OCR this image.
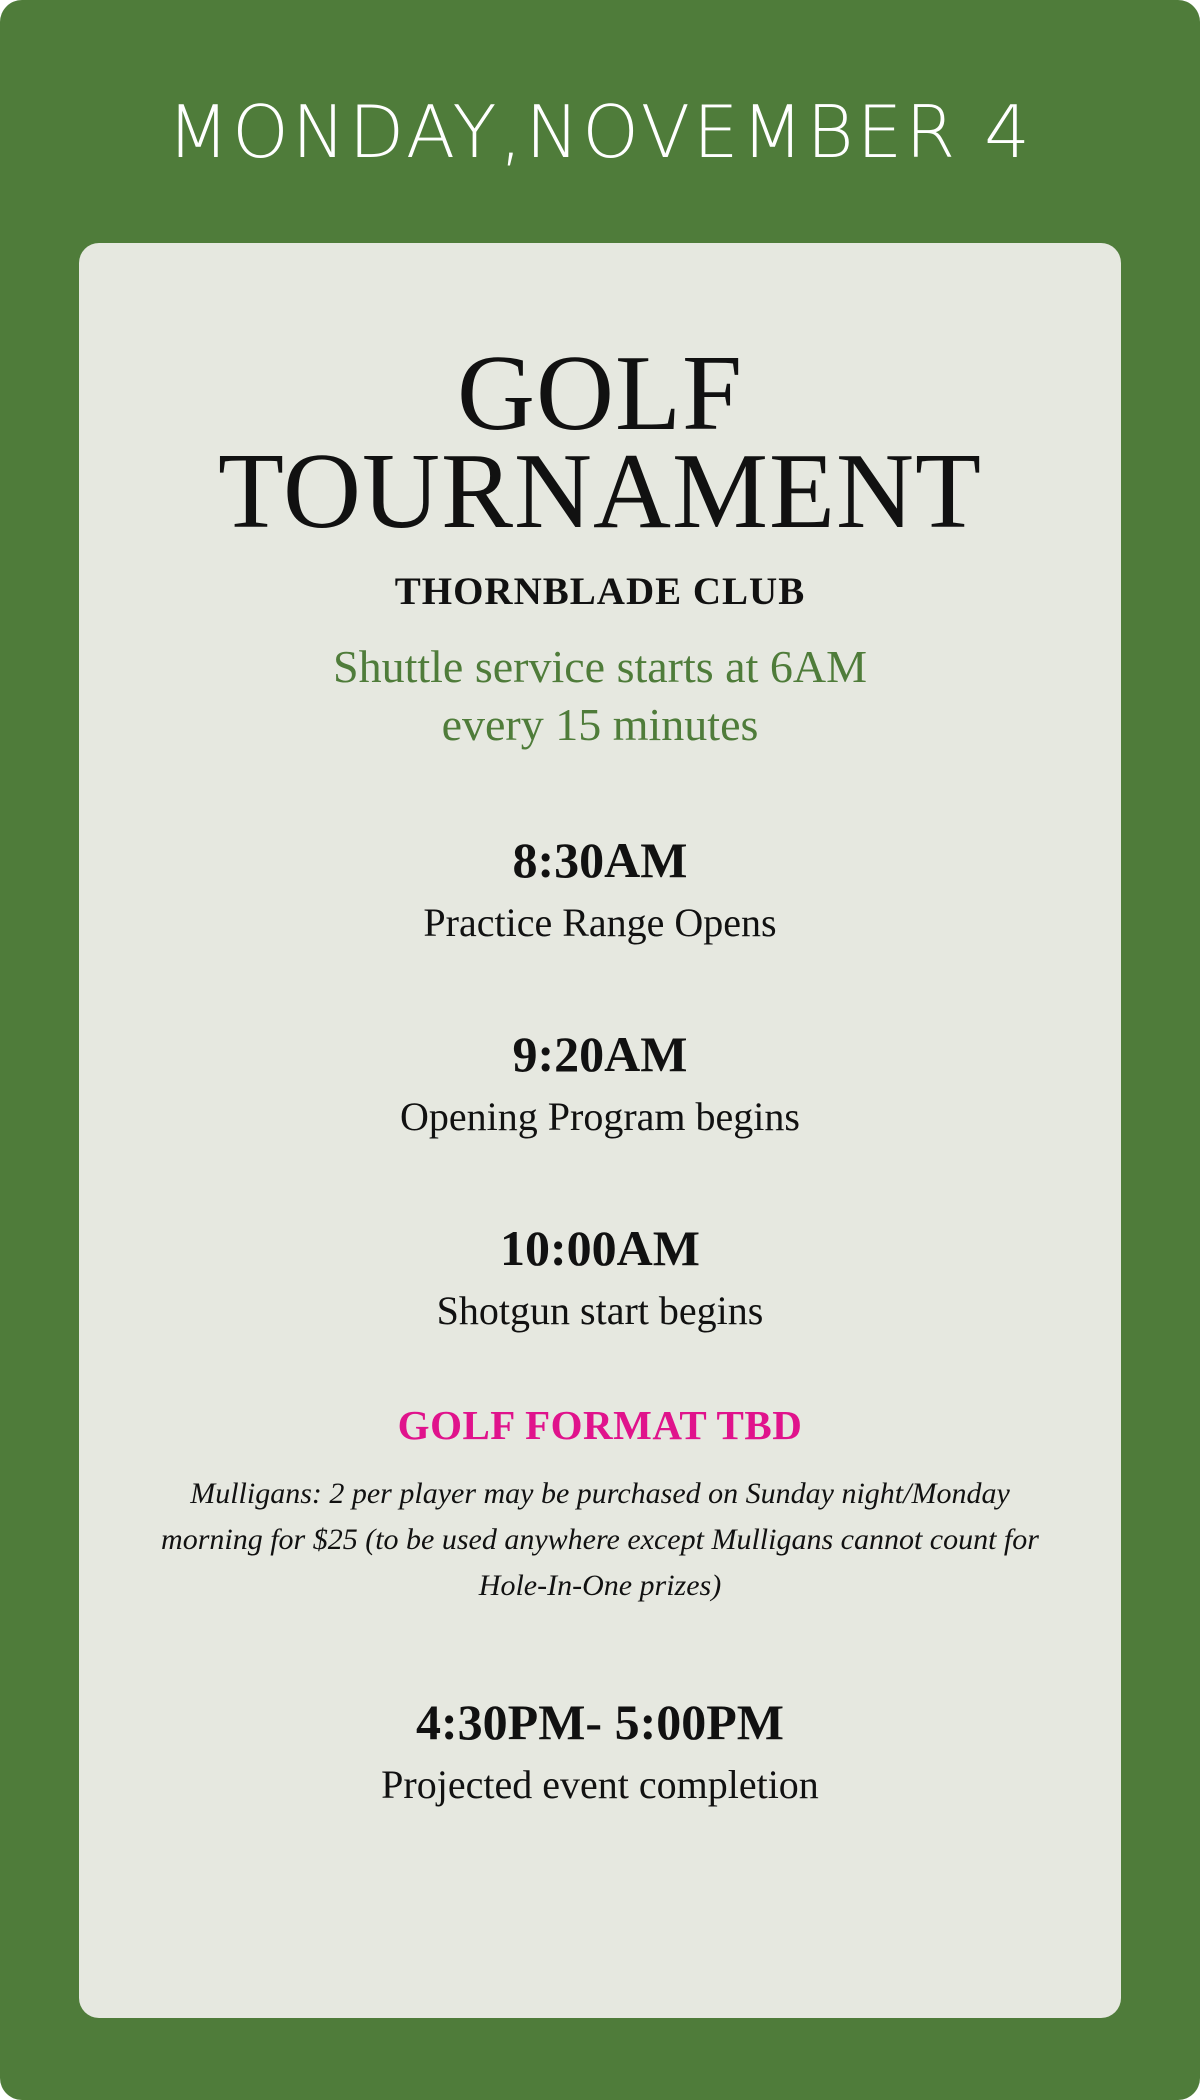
MONDAY,NOVEMBER 4
GOLF
TOURNAMENT
THORNBLADE CLUB
Shuttle service starts at 6AM
every 15 minutes
8:30AM
Practice Range Opens
9:20AM
Opening Program begins
10:00AM
Shotgun start begins
GOLF FORMAT TBD
Mulligans: 2 per player may be purchased on Sunday night/Monday morning for $25 (to be used anywhere except Mulligans cannot count for Hole-In-One prizes)
4:30PM- 5:00PM
Projected event completion
